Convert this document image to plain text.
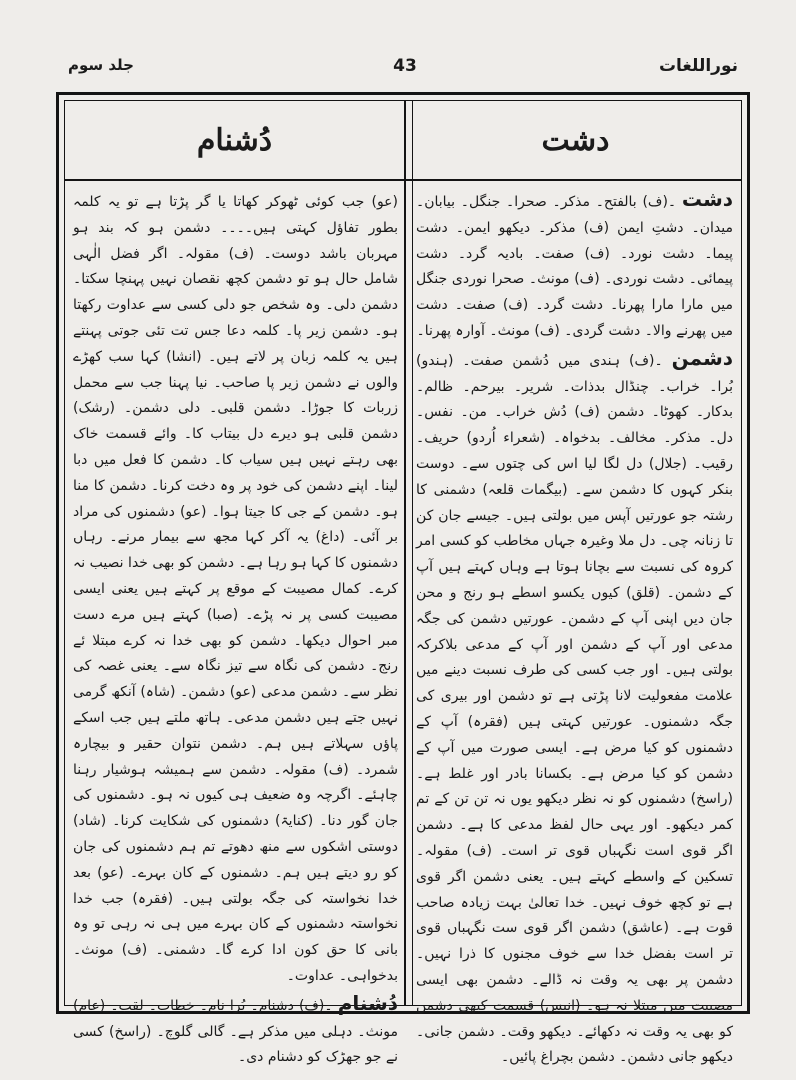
نوراللغات
43
جلد سوم
دشت
دُشنام

دشت ۔(ف) بالفتح۔ مذکر۔ صحرا۔ جنگل۔ بیابان۔ میدان۔ دشتِ ایمن (ف) مذکر۔ دیکھو ایمن۔ دشت پیما۔ دشت نورد۔ (ف) صفت۔ بادیہ گرد۔ دشت پیمائی۔ دشت نوردی۔ (ف) مونث۔ صحرا نوردی جنگل میں مارا مارا پھرنا۔ دشت گرد۔ (ف) صفت۔ دشت میں پھرنے والا۔ دشت گردی۔ (ف) مونث۔ آوارہ پھرنا۔

دشمن ۔(ف) ہندی میں دُشمن صفت۔ (ہندو) بُرا۔ خراب۔ چنڈال بدذات۔ شریر۔ بیرحم۔ ظالم۔ بدکار۔ کھوٹا۔ دشمن (ف) دُش خراب۔ من۔ نفس۔ دل۔ مذکر۔ مخالف۔ بدخواہ۔ (شعراء اُردو) حریف۔ رقیب۔ (جلال) دل لگا لیا اس کی چتوں سے۔ دوست بنکر کہوں کا دشمن سے۔ (بیگمات قلعہ) دشمنی کا رشتہ جو عورتیں آپس میں بولتی ہیں۔ جیسے جان کن تا زنانہ چی۔ دل ملا وغیرہ جہاں مخاطب کو کسی امر کروہ کی نسبت سے بچانا ہوتا ہے وہاں کہتے ہیں آپ کے دشمن۔ (قلق) کیوں یکسو اسطے ہو رنج و محن جان دیں اپنی آپ کے دشمن۔ عورتیں دشمن کی جگہ مدعی اور آپ کے دشمن اور آپ کے مدعی بلاکرکہ بولتی ہیں۔ اور جب کسی کی طرف نسبت دینے میں علامت مفعولیت لانا پڑتی ہے تو دشمن اور بیری کی جگہ دشمنوں۔ عورتیں کہتی ہیں (فقرہ) آپ کے دشمنوں کو کیا مرض ہے۔ ایسی صورت میں آپ کے دشمن کو کیا مرض ہے۔ بکسانا بادر اور غلط ہے۔ (راسخ) دشمنوں کو نہ نظر دیکھو یوں نہ تن تن کے تم کمر دیکھو۔ اور یہی حال لفظ مدعی کا ہے۔ دشمن اگر قوی است نگہباں قوی تر است۔ (ف) مقولہ۔ تسکین کے واسطے کہتے ہیں۔ یعنی دشمن اگر قوی ہے تو کچھ خوف نہیں۔ خدا تعالیٰ بہت زیادہ صاحب قوت ہے۔ (عاشق) دشمن اگر قوی ست نگہباں قوی تر است بفضل خدا سے خوف مجنوں کا ذرا نہیں۔ دشمن پر بھی یہ وقت نہ ڈالے۔ دشمن بھی ایسی مصیبت میں مبتلا نہ ہو۔ (انیس) قسمت کبھی دشمن کو بھی یہ وقت نہ دکھائے۔ دیکھو وقت۔ دشمن جانی۔ دیکھو جانی دشمن۔ دشمن بچراغ پائیں۔

(عو) جب کوئی ٹھوکر کھاتا یا گر پڑتا ہے تو یہ کلمہ بطور تفاؤل کہتی ہیں۔۔۔۔ دشمن ہو کہ بند ہو مہربان باشد دوست۔ (ف) مقولہ۔ اگر فضل الٰہی شامل حال ہو تو دشمن کچھ نقصان نہیں پہنچا سکتا۔ دشمن دلی۔ وہ شخص جو دلی کسی سے عداوت رکھتا ہو۔ دشمن زیر پا۔ کلمہ دعا جس تت تئی جوتی پہنتے ہیں یہ کلمہ زبان پر لاتے ہیں۔ (انشا) کہا سب کھڑے والوں نے دشمن زیر پا صاحب۔ نیا پہنا جب سے محمل زربات کا جوڑا۔ دشمن قلبی۔ دلی دشمن۔ (رشک) دشمن قلبی ہو دیرے دل بیتاب کا۔ وائے قسمت خاک بھی رہتے نہیں ہیں سیاب کا۔ دشمن کا فعل میں دبا لینا۔ اپنے دشمن کی خود پر وہ دخت کرنا۔ دشمن کا منا ہو۔ دشمن کے جی کا جیتا ہوا۔ (عو) دشمنوں کی مراد بر آئی۔ (داغ) یہ آکر کہا مجھ سے بیمار مرنے۔ رہاں دشمنوں کا کہا ہو رہا ہے۔ دشمن کو بھی خدا نصیب نہ کرے۔ کمال مصیبت کے موقع پر کہتے ہیں یعنی ایسی مصیبت کسی پر نہ پڑے۔ (صبا) کہتے ہیں مرے دست مبر احوال دیکھا۔ دشمن کو بھی خدا نہ کرے مبتلا ئے رنج۔ دشمن کی نگاہ سے تیز نگاہ سے۔ یعنی غصہ کی نظر سے۔ دشمن مدعی (عو) دشمن۔ (شاہ) آنکھ گرمی نہیں جتے ہیں دشمن مدعی۔ ہاتھ ملتے ہیں جب اسکے پاؤں سہلاتے ہیں ہم۔ دشمن نتوان حقیر و بیچارہ شمرد۔ (ف) مقولہ۔ دشمن سے ہمیشہ ہوشیار رہنا چاہئے۔ اگرچہ وہ ضعیف ہی کیوں نہ ہو۔ دشمنوں کی جان گور دنا۔ (کنایۃ) دشمنوں کی شکایت کرنا۔ (شاد) دوستی اشکوں سے منھ دھوتے تم ہم دشمنوں کی جان کو رو دیتے ہیں ہم۔ دشمنوں کے کان بہرے۔ (عو) بعد خدا نخواستہ کی جگہ بولتی ہیں۔ (فقرہ) جب خدا نخواستہ دشمنوں کے کان بہرے میں ہی نہ رہی تو وہ بانی کا حق کون ادا کرے گا۔ دشمنی۔ (ف) مونث۔ بدخواہی۔ عداوت۔

دُشنام ۔(ف) دشنام۔ بُرا نام۔ خطاب۔ لقب۔ (عام) مونث۔ دہلی میں مذکر ہے۔ گالی گلوچ۔ (راسخ) کسی نے جو جھڑک کو دشنام دی۔
